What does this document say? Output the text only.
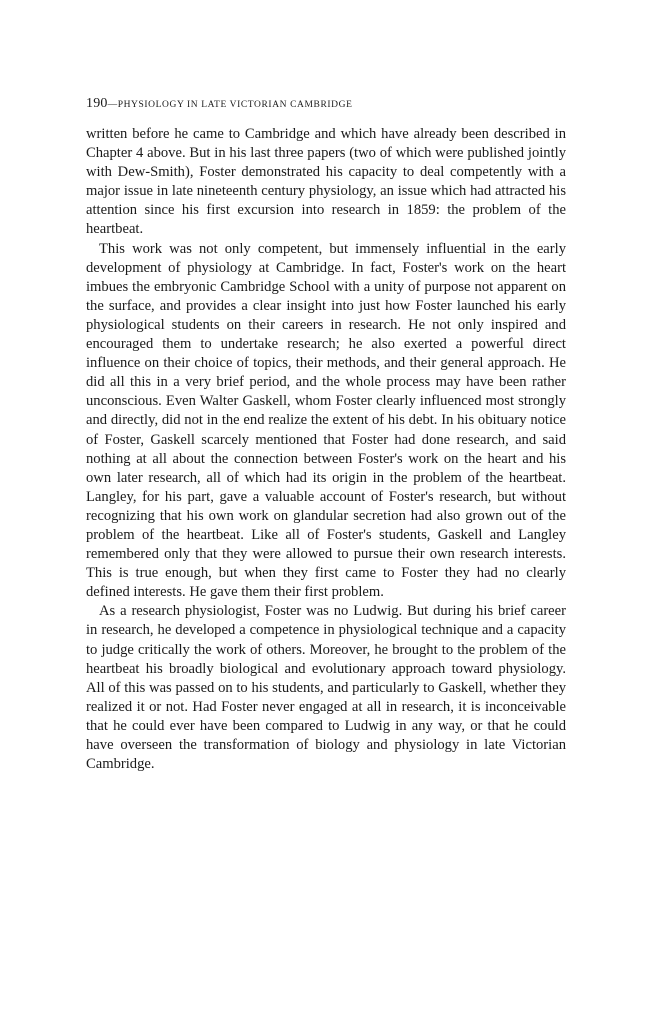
190—PHYSIOLOGY IN LATE VICTORIAN CAMBRIDGE

written before he came to Cambridge and which have already been described in Chapter 4 above. But in his last three papers (two of which were published jointly with Dew-Smith), Foster demonstrated his capacity to deal competently with a major issue in late nineteenth century physiology, an issue which had attracted his attention since his first excursion into research in 1859: the problem of the heartbeat.

This work was not only competent, but immensely influential in the early development of physiology at Cambridge. In fact, Foster's work on the heart imbues the embryonic Cambridge School with a unity of purpose not apparent on the surface, and provides a clear insight into just how Foster launched his early physiological students on their careers in research. He not only inspired and encouraged them to undertake research; he also exerted a powerful direct influence on their choice of topics, their methods, and their general approach. He did all this in a very brief period, and the whole process may have been rather unconscious. Even Walter Gaskell, whom Foster clearly influenced most strongly and directly, did not in the end realize the extent of his debt. In his obituary notice of Foster, Gaskell scarcely mentioned that Foster had done research, and said nothing at all about the connection between Foster's work on the heart and his own later research, all of which had its origin in the problem of the heartbeat. Langley, for his part, gave a valuable account of Foster's research, but without recognizing that his own work on glandular secretion had also grown out of the problem of the heartbeat. Like all of Foster's students, Gaskell and Langley remembered only that they were allowed to pursue their own research interests. This is true enough, but when they first came to Foster they had no clearly defined interests. He gave them their first problem.

As a research physiologist, Foster was no Ludwig. But during his brief career in research, he developed a competence in physiological technique and a capacity to judge critically the work of others. Moreover, he brought to the problem of the heartbeat his broadly biological and evolutionary approach toward physiology. All of this was passed on to his students, and particularly to Gaskell, whether they realized it or not. Had Foster never engaged at all in research, it is inconceivable that he could ever have been compared to Ludwig in any way, or that he could have overseen the transformation of biology and physiology in late Victorian Cambridge.
